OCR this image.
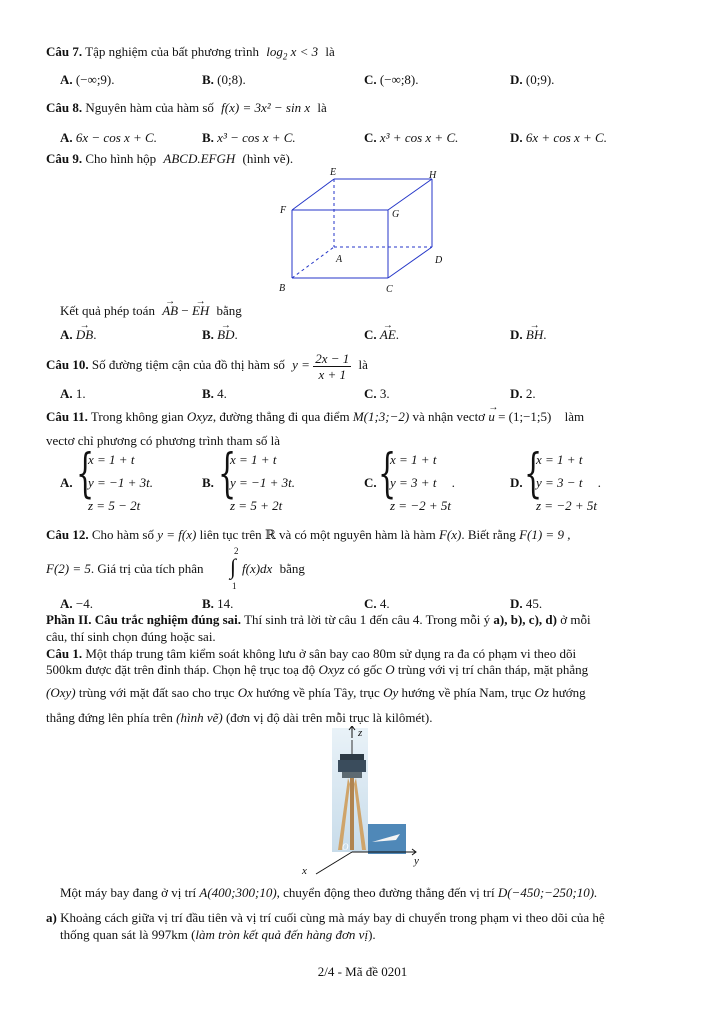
Câu 7. Tập nghiệm của bất phương trình $\log_2 x < 3$ là
A. (−∞;9).	B. (0;8).	C. (−∞;8).	D. (0;9).
Câu 8. Nguyên hàm của hàm số f(x) = 3x² − sin x là
A. 6x − cos x + C.	B. x³ − cos x + C.	C. x³ + cos x + C.	D. 6x + cos x + C.
Câu 9. Cho hình hộp ABCD.EFGH (hình vẽ).
E	H
F	G
A	D
B	C
Kết quả phép toán → AB − → EH bằng
A. → DB.	B. → BD.	C. → AE.	D. → BH.
Câu 10. Số đường tiệm cận của đồ thị hàm số $y = \frac{2x - 1}{x + 1}$ là
A. 1.	B. 4.	C. 3.	D. 2.
Câu 11. Trong không gian Oxyz, đường thẳng đi qua điểm M(1;3;−2) và nhận vectơ → u = (1;−1;5) làm
vectơ chỉ phương có phương trình tham số là
A. {
x = 1 + t
y = −1 + 3t.
z = 5 − 2t
B. {
x = 1 + t
y = −1 + 3t.
z = 5 + 2t
C. {
x = 1 + t
y = 3 + t
z = −2 + 5t
.	D. {
x = 1 + t
y = 3 − t
z = −2 + 5t
.
Câu 12. Cho hàm số y = f(x) liên tục trên ℝ và có một nguyên hàm là hàm F(x). Biết rằng F(1) = 9 ,
F(2) = 5. Giá trị của tích phân ∫
2
1
f(x)dx bằng
A. −4.	B. 14.	C. 4.	D. 45.
Phần II. Câu trắc nghiệm đúng sai. Thí sinh trả lời từ câu 1 đến câu 4. Trong mỗi ý a), b), c), d) ở mỗi
câu, thí sinh chọn đúng hoặc sai.
Câu 1. Một tháp trung tâm kiểm soát không lưu ở sân bay cao 80m sử dụng ra đa có phạm vi theo dõi
500km được đặt trên đỉnh tháp. Chọn hệ trục toạ độ Oxyz có gốc O trùng với vị trí chân tháp, mặt phẳng
(Oxy) trùng với mặt đất sao cho trục Ox hướng về phía Tây, trục Oy hướng về phía Nam, trục Oz hướng
thẳng đứng lên phía trên (hình vẽ) (đơn vị độ dài trên mỗi trục là kilômét).
z
y
x
O
Một máy bay đang ở vị trí A(400;300;10), chuyển động theo đường thẳng đến vị trí D(−450;−250;10).
a) Khoảng cách giữa vị trí đầu tiên và vị trí cuối cùng mà máy bay di chuyển trong phạm vi theo dõi của hệ
thống quan sát là 997km (làm tròn kết quả đến hàng đơn vị).
2/4 - Mã đề 0201
